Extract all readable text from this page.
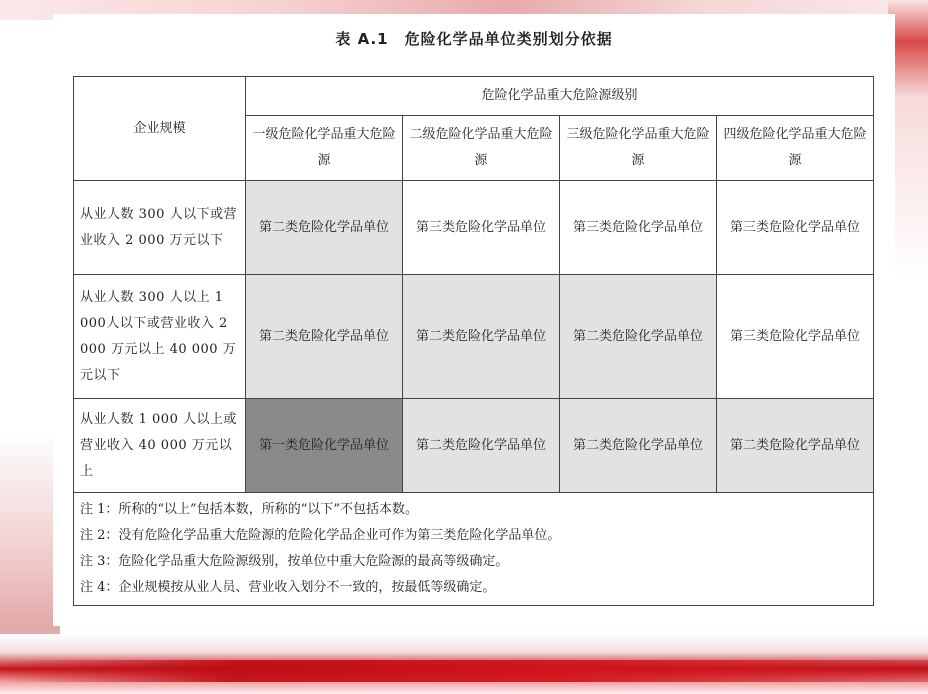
表 A.1　危险化学品单位类别划分依据
企业规模	危险化学品重大危险源级别			
	一级危险化学品重大危险源	二级危险化学品重大危险源	三级危险化学品重大危险源	四级危险化学品重大危险源
从业人数 300 人以下或营业收入 2 000 万元以下	第二类危险化学品单位	第三类危险化学品单位	第三类危险化学品单位	第三类危险化学品单位
从业人数 300 人以上 1 000人以下或营业收入 2 000 万元以上 40 000 万元以下	第二类危险化学品单位	第二类危险化学品单位	第二类危险化学品单位	第三类危险化学品单位
从业人数 1 000 人以上或营业收入 40 000 万元以上	第一类危险化学品单位	第二类危险化学品单位	第二类危险化学品单位	第二类危险化学品单位

注 1：所称的“以上”包括本数，所称的“以下”不包括本数。
注 2：没有危险化学品重大危险源的危险化学品企业可作为第三类危险化学品单位。
注 3：危险化学品重大危险源级别，按单位中重大危险源的最高等级确定。
注 4：企业规模按从业人员、营业收入划分不一致的，按最低等级确定。				
